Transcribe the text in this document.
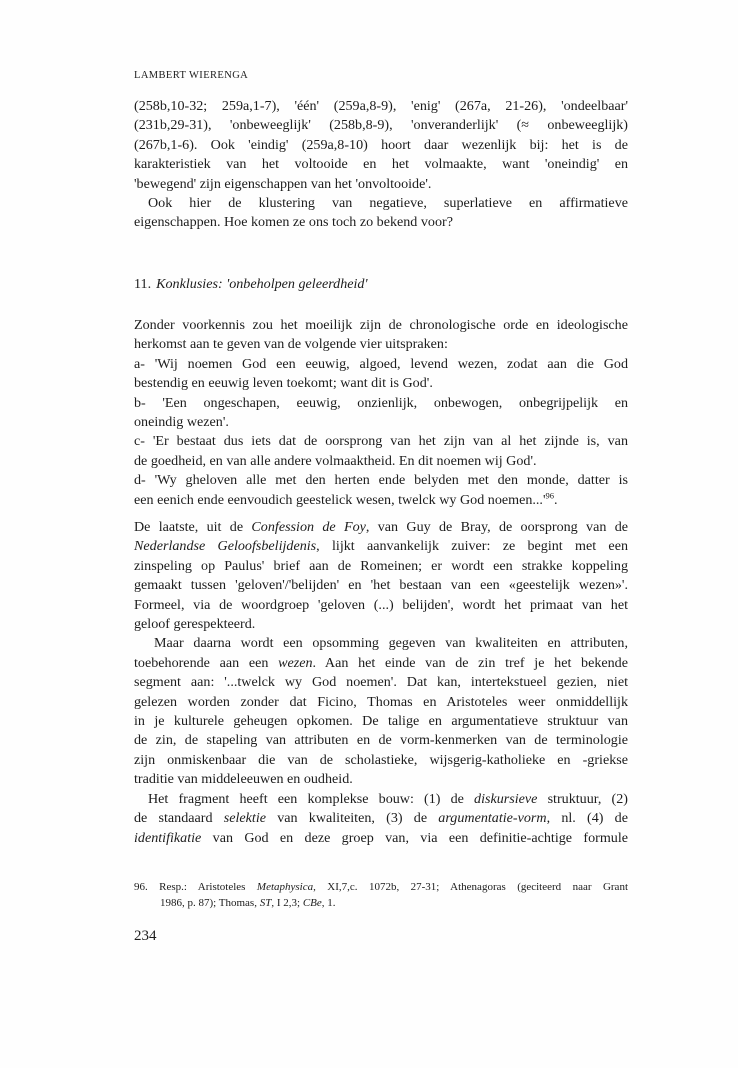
LAMBERT WIERENGA
(258b,10-32; 259a,1-7), 'één' (259a,8-9), 'enig' (267a, 21-26), 'ondeelbaar'
(231b,29-31), 'onbeweeglijk' (258b,8-9), 'onveranderlijk' (≈ onbeweeglijk)
(267b,1-6). Ook 'eindig' (259a,8-10) hoort daar wezenlijk bij: het is de
karakteristiek van het voltooide en het volmaakte, want 'oneindig' en
'bewegend' zijn eigenschappen van het 'onvoltooide'.
Ook hier de klustering van negatieve, superlatieve en affirmatieve
eigenschappen. Hoe komen ze ons toch zo bekend voor?
11. Konklusies: 'onbeholpen geleerdheid'
Zonder voorkennis zou het moeilijk zijn de chronologische orde en ideologische
herkomst aan te geven van de volgende vier uitspraken:
a- 'Wij noemen God een eeuwig, algoed, levend wezen, zodat aan die God
bestendig en eeuwig leven toekomt; want dit is God'.
b- 'Een ongeschapen, eeuwig, onzienlijk, onbewogen, onbegrijpelijk en
oneindig wezen'.
c- 'Er bestaat dus iets dat de oorsprong van het zijn van al het zijnde is, van
de goedheid, en van alle andere volmaaktheid. En dit noemen wij God'.
d- 'Wy gheloven alle met den herten ende belyden met den monde, datter is
een eenich ende eenvoudich geestelick wesen, twelck wy God $noemen...'^{96}$.
De laatste, uit de Confession de Foy, van Guy de Bray, de oorsprong van de
Nederlandse Geloofsbelijdenis, lijkt aanvankelijk zuiver: ze begint met een
zinspeling op Paulus' brief aan de Romeinen; er wordt een strakke koppeling
gemaakt tussen 'geloven'/'belijden' en 'het bestaan van een «geestelijk wezen»'.
Formeel, via de woordgroep 'geloven (...) belijden', wordt het primaat van het
geloof gerespekteerd.
Maar daarna wordt een opsomming gegeven van kwaliteiten en attributen,
toebehorende aan een wezen. Aan het einde van de zin tref je het bekende
segment aan: '...twelck wy God noemen'. Dat kan, intertekstueel gezien, niet
gelezen worden zonder dat Ficino, Thomas en Aristoteles weer onmiddellijk
in je kulturele geheugen opkomen. De talige en argumentatieve struktuur van
de zin, de stapeling van attributen en de vorm-kenmerken van de terminologie
zijn onmiskenbaar die van de scholastieke, wijsgerig-katholieke en -griekse
traditie van middeleeuwen en oudheid.
Het fragment heeft een komplekse bouw: (1) de diskursieve struktuur, (2)
de standaard selektie van kwaliteiten, (3) de argumentatie-vorm, nl. (4) de
identifikatie van God en deze groep van, via een definitie-achtige formule
96. Resp.: Aristoteles Metaphysica, XI,7,c. 1072b, 27-31; Athenagoras (geciteerd naar Grant
1986, p. 87); Thomas, ST, I 2,3; CBe, 1.
234
